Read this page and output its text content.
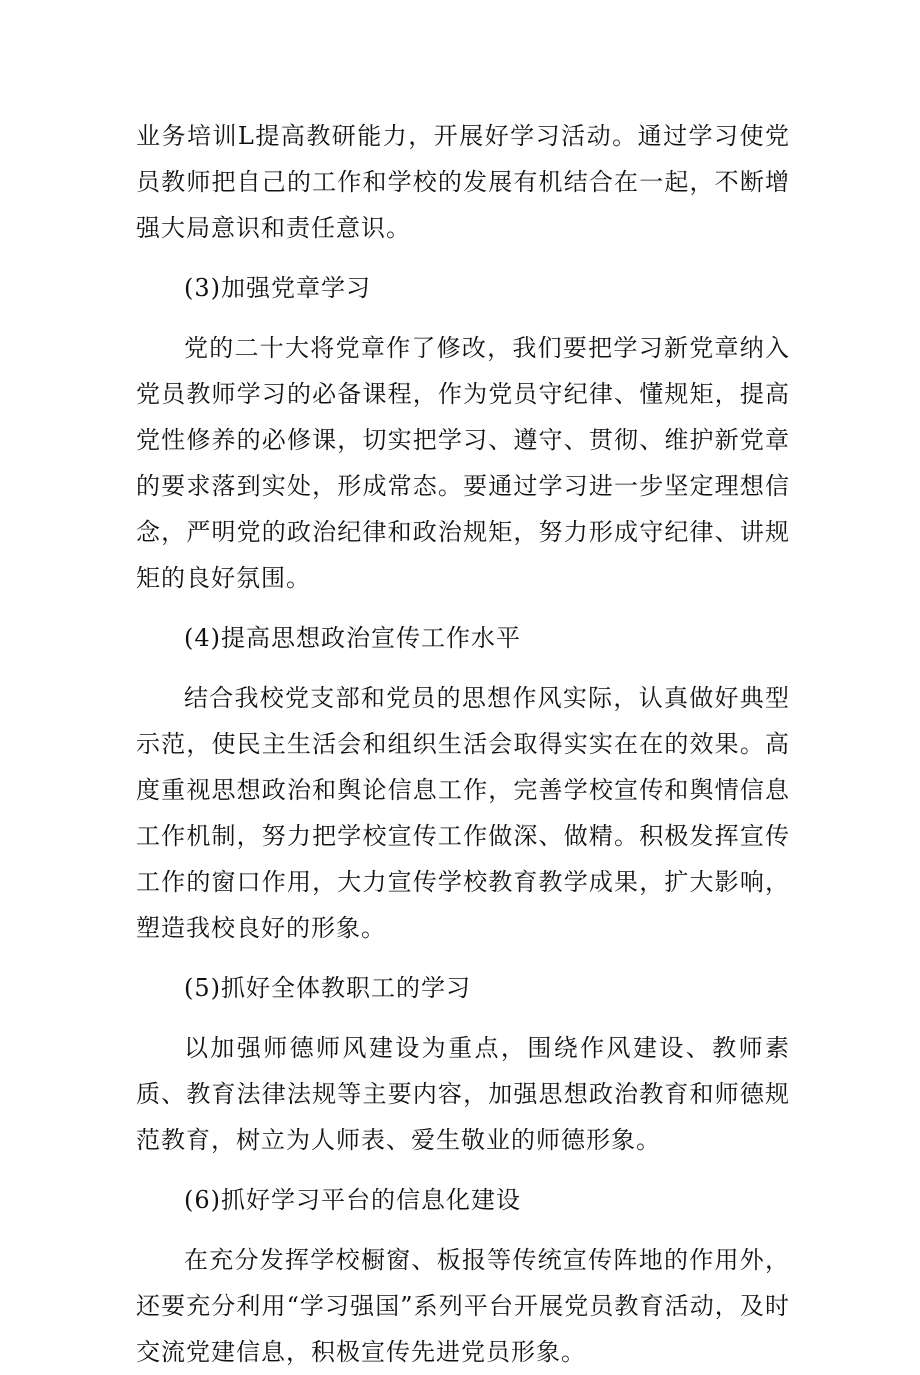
业务培训L提高教研能力，开展好学习活动。通过学习使党员教师把自己的工作和学校的发展有机结合在一起，不断增强大局意识和责任意识。

(3)加强党章学习

党的二十大将党章作了修改，我们要把学习新党章纳入党员教师学习的必备课程，作为党员守纪律、懂规矩，提高党性修养的必修课，切实把学习、遵守、贯彻、维护新党章的要求落到实处，形成常态。要通过学习进一步坚定理想信念，严明党的政治纪律和政治规矩，努力形成守纪律、讲规矩的良好氛围。

(4)提高思想政治宣传工作水平

结合我校党支部和党员的思想作风实际，认真做好典型示范，使民主生活会和组织生活会取得实实在在的效果。高度重视思想政治和舆论信息工作，完善学校宣传和舆情信息工作机制，努力把学校宣传工作做深、做精。积极发挥宣传工作的窗口作用，大力宣传学校教育教学成果，扩大影响，塑造我校良好的形象。

(5)抓好全体教职工的学习

以加强师德师风建设为重点，围绕作风建设、教师素质、教育法律法规等主要内容，加强思想政治教育和师德规范教育，树立为人师表、爱生敬业的师德形象。

(6)抓好学习平台的信息化建设

在充分发挥学校橱窗、板报等传统宣传阵地的作用外，还要充分利用“学习强国”系列平台开展党员教育活动，及时交流党建信息，积极宣传先进党员形象。
